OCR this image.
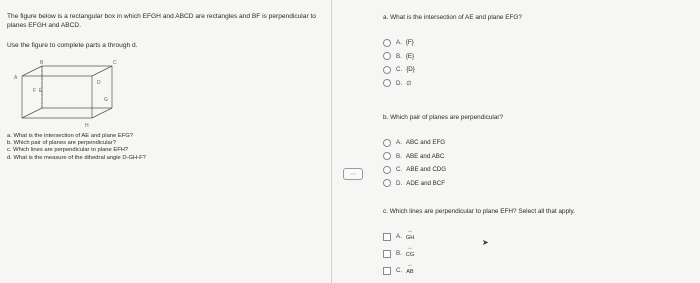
The figure below is a rectangular box in which EFGH and ABCD are rectangles and BF is perpendicular to planes EFGH and ABCD.
Use the figure to complete parts a through d.
B	C
A
D
F E
G
H
a. What is the intersection of AE and plane EFG?
b. Which pair of planes are perpendicular?
c. Which lines are perpendicular to plane EFH?
d. What is the measure of the dihedral angle D-GH-F?
⋯
a. What is the intersection of AE and plane EFG?
A. {F}
B. {E}
C. {D}
D. ∅
b. Which pair of planes are perpendicular?
A. ABC and EFG
B. ABE and ABC
C. ABE and CDG
D. ADE and BCF
c. Which lines are perpendicular to plane EFH? Select all that apply.
A. ↔ GH
B. ↔ CG
C. ↔ AB
➤
